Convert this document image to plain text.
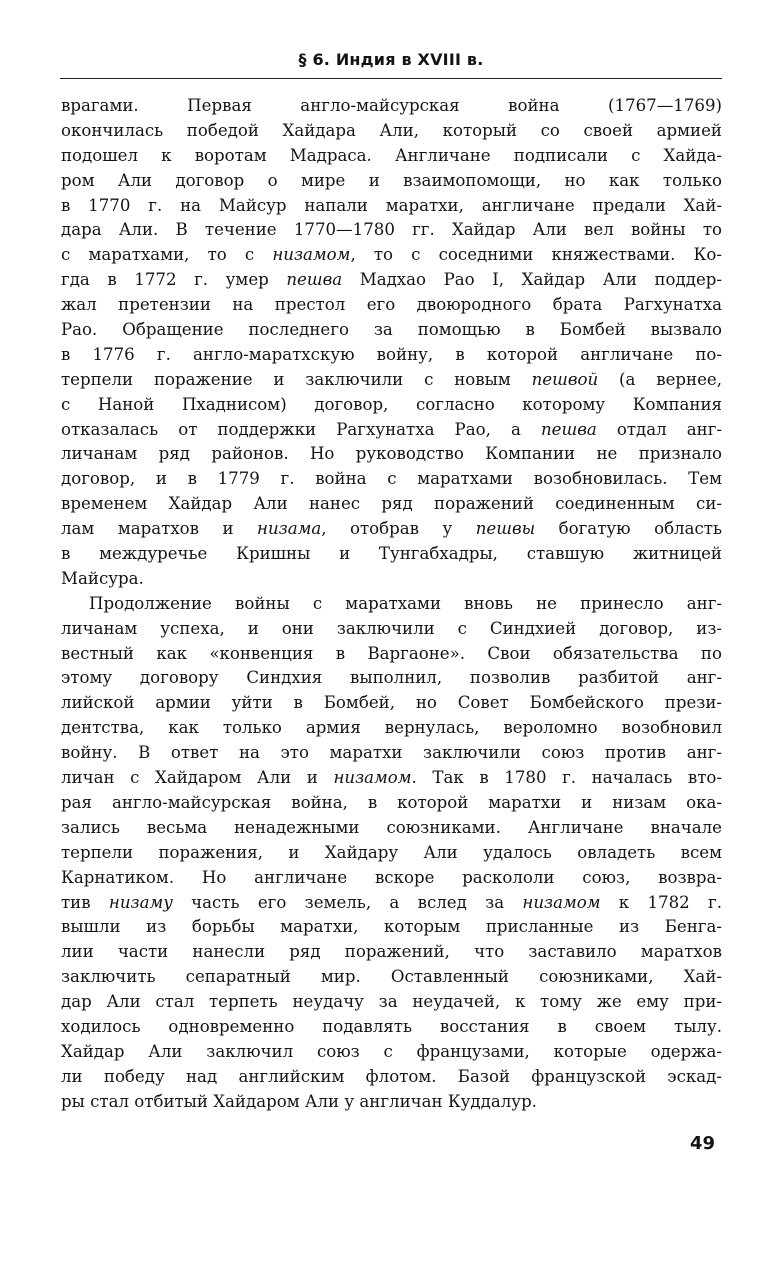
§ 6. Индия в XVIII в.
врагами. Первая англо-майсурская война (1767—1769)
окончилась победой Хайдара Али, который со своей армией
подошел к воротам Мадраса. Англичане подписали с Хайда-
ром Али договор о мире и взаимопомощи, но как только
в 1770 г. на Майсур напали маратхи, англичане предали Хай-
дара Али. В течение 1770—1780 гг. Хайдар Али вел войны то
с маратхами, то с низамом, то с соседними княжествами. Ко-
гда в 1772 г. умер пешва Мадхао Рао I, Хайдар Али поддер-
жал претензии на престол его двоюродного брата Рагхунатха
Рао. Обращение последнего за помощью в Бомбей вызвало
в 1776 г. англо-маратхскую войну, в которой англичане по-
терпели поражение и заключили с новым пешвой (а вернее,
с Наной Пхаднисом) договор, согласно которому Компания
отказалась от поддержки Рагхунатха Рао, а пешва отдал анг-
личанам ряд районов. Но руководство Компании не признало
договор, и в 1779 г. война с маратхами возобновилась. Тем
временем Хайдар Али нанес ряд поражений соединенным си-
лам маратхов и низама, отобрав у пешвы богатую область
в междуречье Кришны и Тунгабхадры, ставшую житницей
Майсура.
Продолжение войны с маратхами вновь не принесло анг-
личанам успеха, и они заключили с Синдхией договор, из-
вестный как «конвенция в Варгаоне». Свои обязательства по
этому договору Синдхия выполнил, позволив разбитой анг-
лийской армии уйти в Бомбей, но Совет Бомбейского прези-
дентства, как только армия вернулась, вероломно возобновил
войну. В ответ на это маратхи заключили союз против анг-
личан с Хайдаром Али и низамом. Так в 1780 г. началась вто-
рая англо-майсурская война, в которой маратхи и низам ока-
зались весьма ненадежными союзниками. Англичане вначале
терпели поражения, и Хайдару Али удалось овладеть всем
Карнатиком. Но англичане вскоре раскололи союз, возвра-
тив низаму часть его земель, а вслед за низамом к 1782 г.
вышли из борьбы маратхи, которым присланные из Бенга-
лии части нанесли ряд поражений, что заставило маратхов
заключить сепаратный мир. Оставленный союзниками, Хай-
дар Али стал терпеть неудачу за неудачей, к тому же ему при-
ходилось одновременно подавлять восстания в своем тылу.
Хайдар Али заключил союз с французами, которые одержа-
ли победу над английским флотом. Базой французской эскад-
ры стал отбитый Хайдаром Али у англичан Куддалур.
49
